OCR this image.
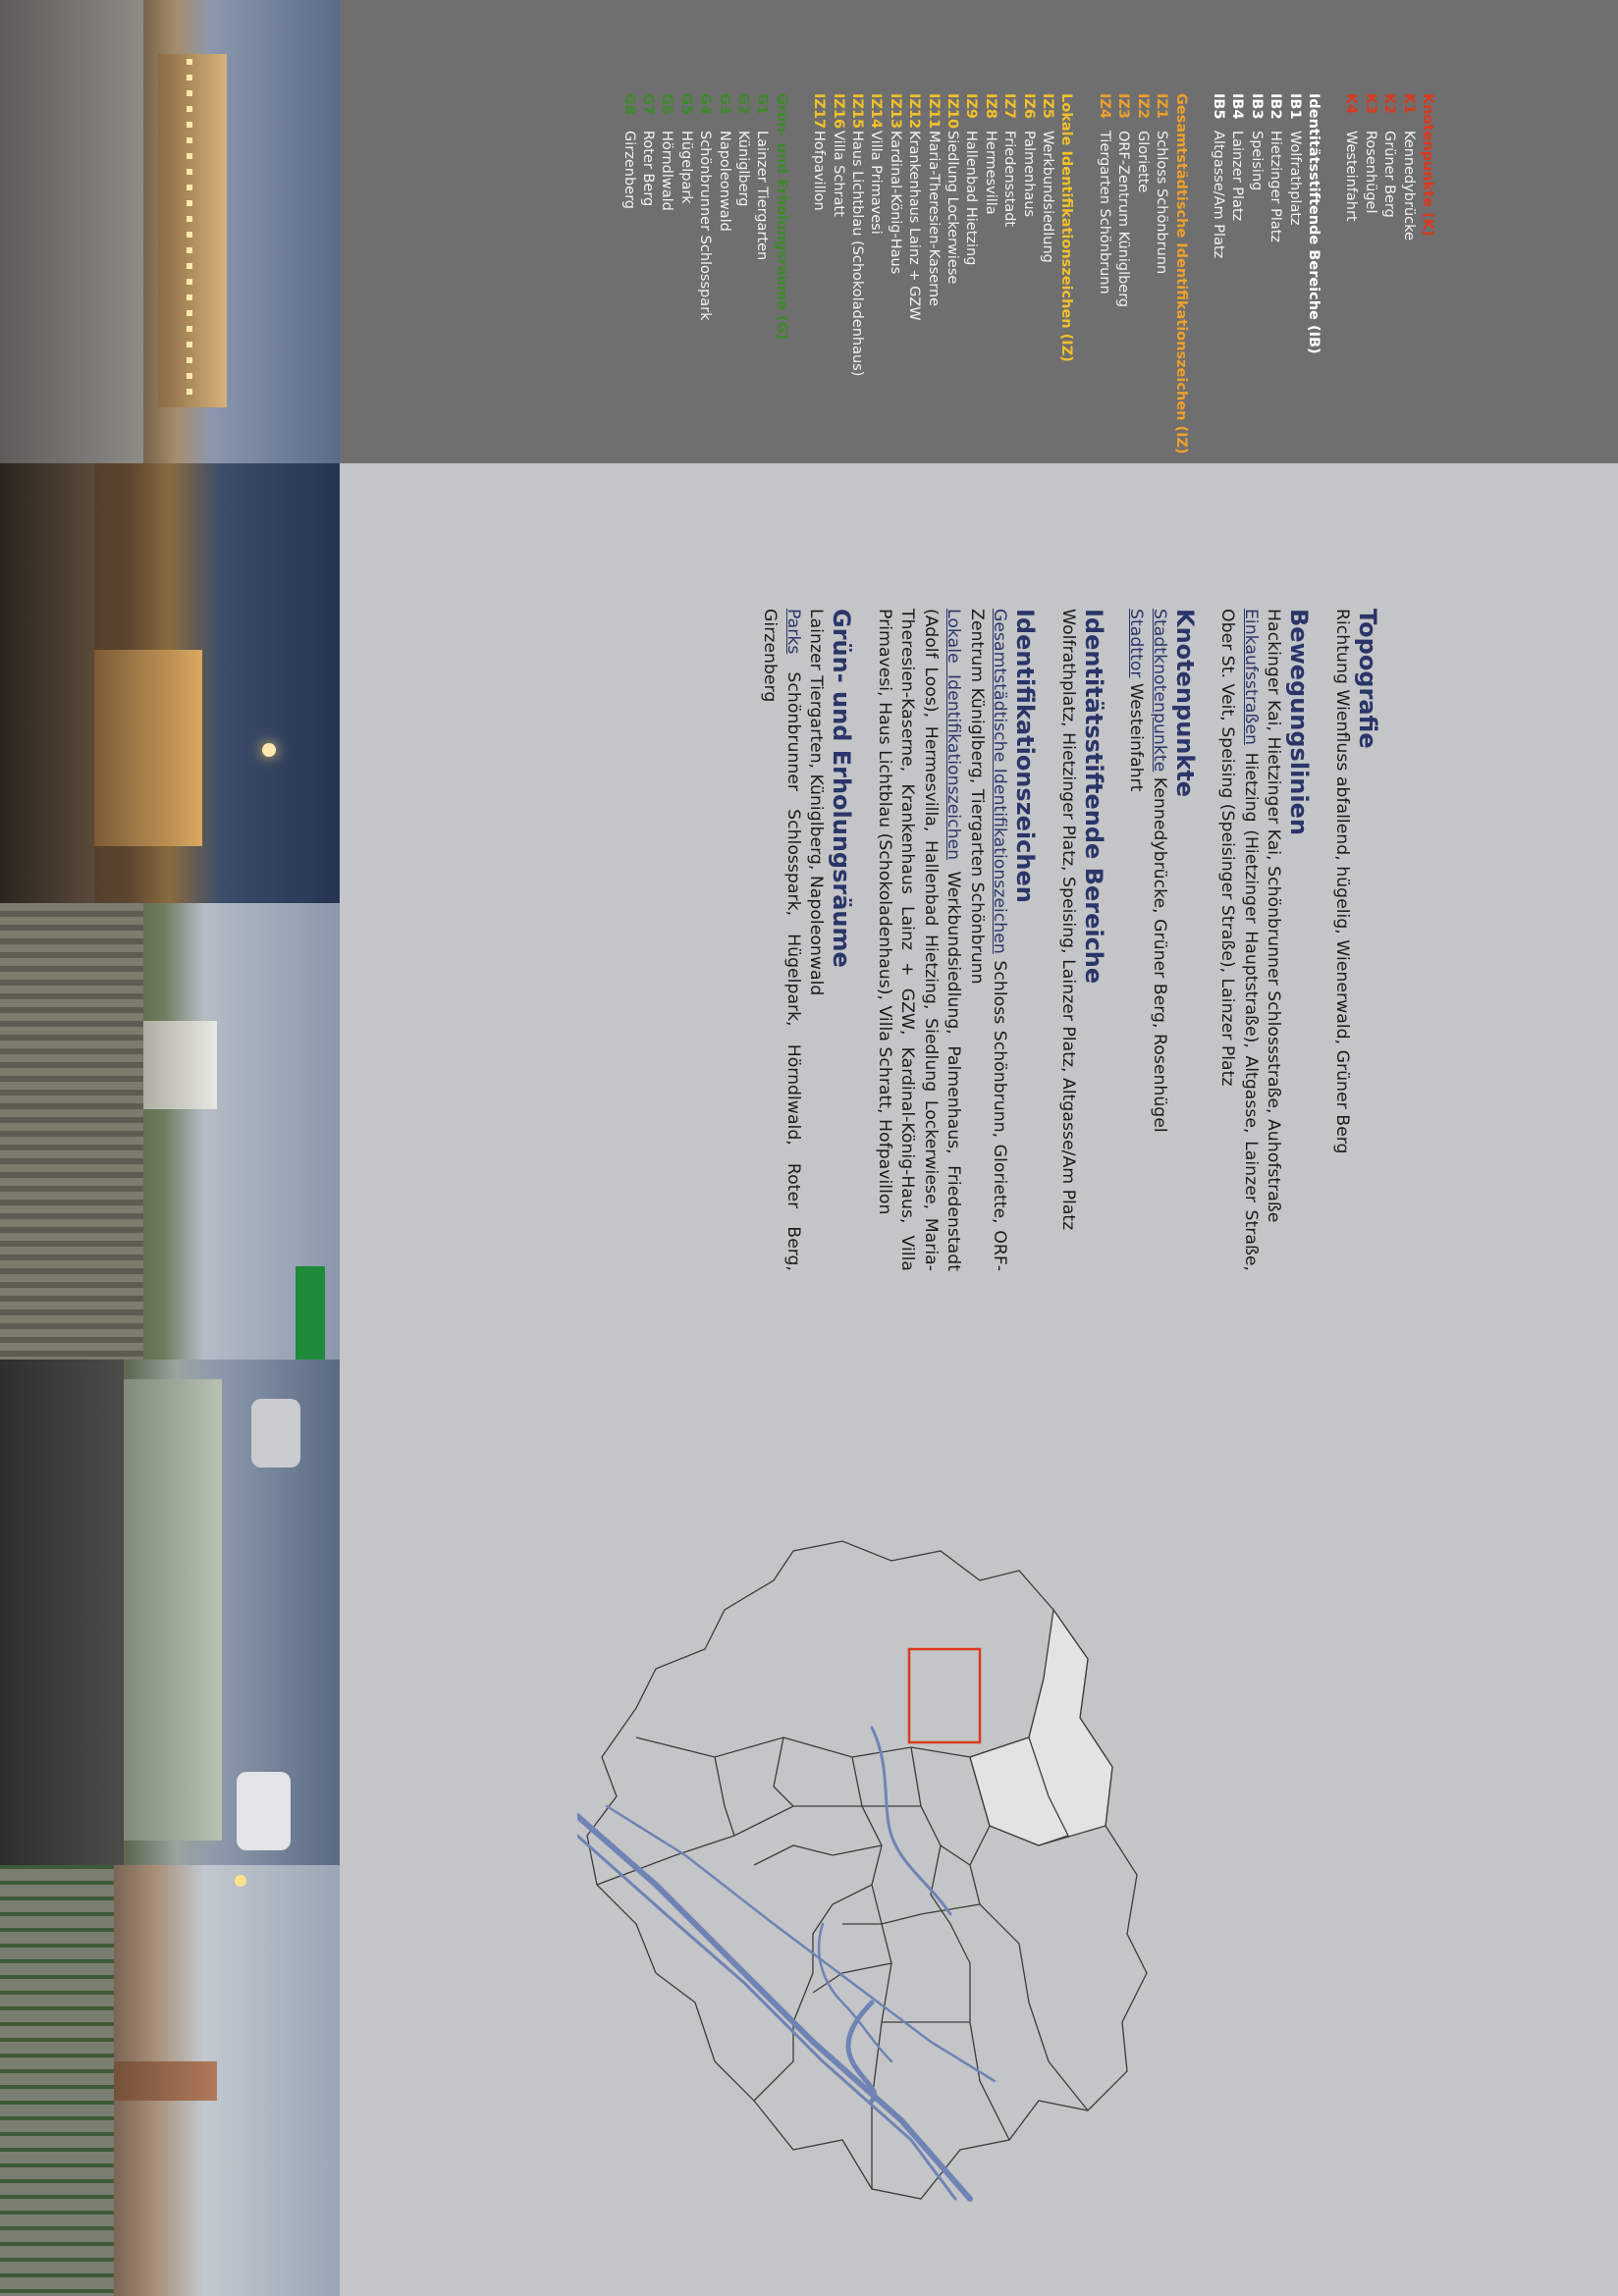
Knotenpunkte (K)
K1
Kennedybrücke
K2
Grüner Berg
K3
Rosenhügel
K4
Westeinfahrt
Identitätsstiftende Bereiche (IB)
IB1
Wolfrathplatz
IB2
Hietzinger Platz
IB3
Speising
IB4
Lainzer Platz
IB5
Altgasse/Am Platz
Gesamtstädtische Identifikationszeichen (IZ)
IZ1
Schloss Schönbrunn
IZ2
Gloriette
IZ3
ORF-Zentrum Küniglberg
IZ4
Tiergarten Schönbrunn
Lokale Identifikationszeichen (IZ)
IZ5
Werkbundsiedlung
IZ6
Palmenhaus
IZ7
Friedensstadt
IZ8
Hermesvilla
IZ9
Hallenbad Hietzing
IZ10
Siedlung Lockerwiese
IZ11
Maria-Theresien-Kaserne
IZ12
Krankenhaus Lainz + GZW
IZ13
Kardinal-König-Haus
IZ14
Villa Primavesi
IZ15
Haus Lichtblau (Schokoladenhaus)
IZ16
Villa Schratt
IZ17
Hofpavillon
Grün- und Erholungsräume (G)
G1
Lainzer Tiergarten
G2
Küniglberg
G3
Napoleonwald
G4
Schönbrunner Schlosspark
G5
Hügelpark
G6
Hörndlwald
G7
Roter Berg
G8
Girzenberg
Topografie

Richtung Wienfluss abfallend, hügelig, Wienerwald, Grüner Berg

Bewegungslinien

Hackinger Kai, Hietzinger Kai, Schönbrunner Schlossstraße, Auhofstraße
Einkaufsstraßen Hietzing (Hietzinger Hauptstraße), Altgasse, Lainzer Straße, Ober St. Veit, Speising (Speisinger Straße), Lainzer Platz

Knotenpunkte

Stadtknotenpunkte Kennedybrücke, Grüner Berg, Rosenhügel
Stadttor Westeinfahrt

Identitätsstiftende Bereiche

Wolfrathplatz, Hietzinger Platz, Speising, Lainzer Platz, Altgasse/Am Platz

Identifikationszeichen

Gesamtstädtische Identifikationszeichen Schloss Schönbrunn, Gloriette, ORF-Zentrum Küniglberg, Tiergarten Schönbrunn
Lokale Identifikationszeichen Werkbundsiedlung, Palmenhaus, Friedenstadt (Adolf Loos), Hermesvilla, Hallenbad Hietzing, Siedlung Lockerwiese, Maria-Theresien-Kaserne, Krankenhaus Lainz + GZW, Kardinal-König-Haus, Villa Primavesi, Haus Lichtblau (Schokoladenhaus), Villa Schratt, Hofpavillon

Grün- und Erholungsräume

Lainzer Tiergarten, Küniglberg, Napoleonwald
Parks Schönbrunner Schlosspark, Hügelpark, Hörndlwald, Roter Berg, Girzenberg
